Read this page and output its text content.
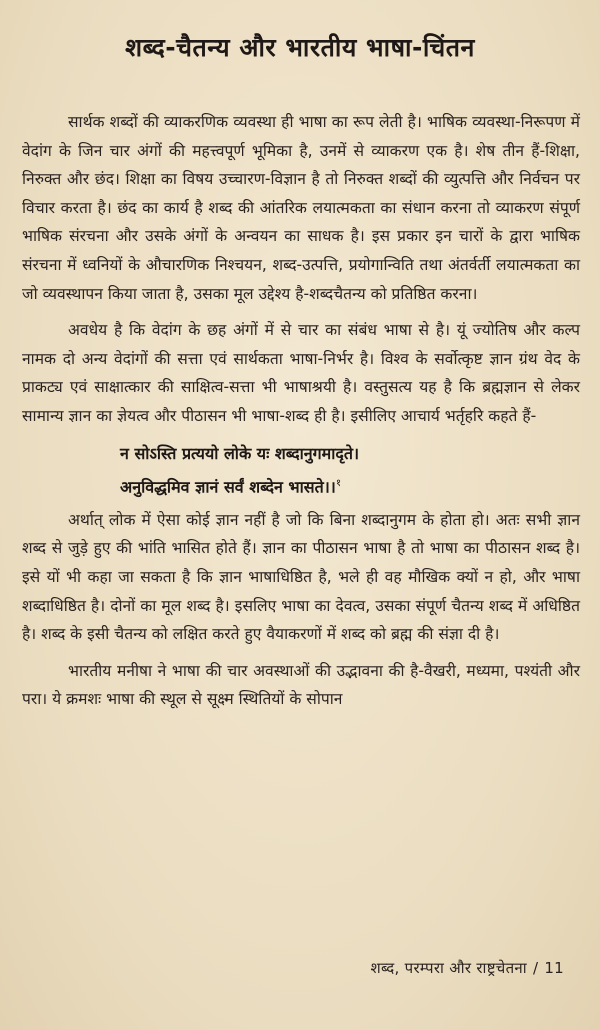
शब्द-चैतन्य और भारतीय भाषा-चिंतन

सार्थक शब्दों की व्याकरणिक व्यवस्था ही भाषा का रूप लेती है। भाषिक व्यवस्था-निरूपण में वेदांग के जिन चार अंगों की महत्त्वपूर्ण भूमिका है, उनमें से व्याकरण एक है। शेष तीन हैं-शिक्षा, निरुक्त और छंद। शिक्षा का विषय उच्चारण-विज्ञान है तो निरुक्त शब्दों की व्युत्पत्ति और निर्वचन पर विचार करता है। छंद का कार्य है शब्द की आंतरिक लयात्मकता का संधान करना तो व्याकरण संपूर्ण भाषिक संरचना और उसके अंगों के अन्वयन का साधक है। इस प्रकार इन चारों के द्वारा भाषिक संरचना में ध्वनियों के औचारणिक निश्चयन, शब्द-उत्पत्ति, प्रयोगान्विति तथा अंतर्वर्ती लयात्मकता का जो व्यवस्थापन किया जाता है, उसका मूल उद्देश्य है-शब्दचैतन्य को प्रतिष्ठित करना।

अवधेय है कि वेदांग के छह अंगों में से चार का संबंध भाषा से है। यूं ज्योतिष और कल्प नामक दो अन्य वेदांगों की सत्ता एवं सार्थकता भाषा-निर्भर है। विश्व के सर्वोत्कृष्ट ज्ञान ग्रंथ वेद के प्राकट्य एवं साक्षात्कार की साक्षित्व-सत्ता भी भाषाश्रयी है। वस्तुसत्य यह है कि ब्रह्मज्ञान से लेकर सामान्य ज्ञान का ज्ञेयत्व और पीठासन भी भाषा-शब्द ही है। इसीलिए आचार्य भर्तृहरि कहते हैं-

न सोऽस्ति प्रत्ययो लोके यः शब्दानुगमादृते।
अनुविद्धमिव ज्ञानं सर्वं शब्देन भासते।।$^१$

अर्थात् लोक में ऐसा कोई ज्ञान नहीं है जो कि बिना शब्दानुगम के होता हो। अतः सभी ज्ञान शब्द से जुड़े हुए की भांति भासित होते हैं। ज्ञान का पीठासन भाषा है तो भाषा का पीठासन शब्द है। इसे यों भी कहा जा सकता है कि ज्ञान भाषाधिष्ठित है, भले ही वह मौखिक क्यों न हो, और भाषा शब्दाधिष्ठित है। दोनों का मूल शब्द है। इसलिए भाषा का देवत्व, उसका संपूर्ण चैतन्य शब्द में अधिष्ठित है। शब्द के इसी चैतन्य को लक्षित करते हुए वैयाकरणों में शब्द को ब्रह्म की संज्ञा दी है।

भारतीय मनीषा ने भाषा की चार अवस्थाओं की उद्भावना की है-वैखरी, मध्यमा, पश्यंती और परा। ये क्रमशः भाषा की स्थूल से सूक्ष्म स्थितियों के सोपान

शब्द, परम्परा और राष्ट्रचेतना / 11
